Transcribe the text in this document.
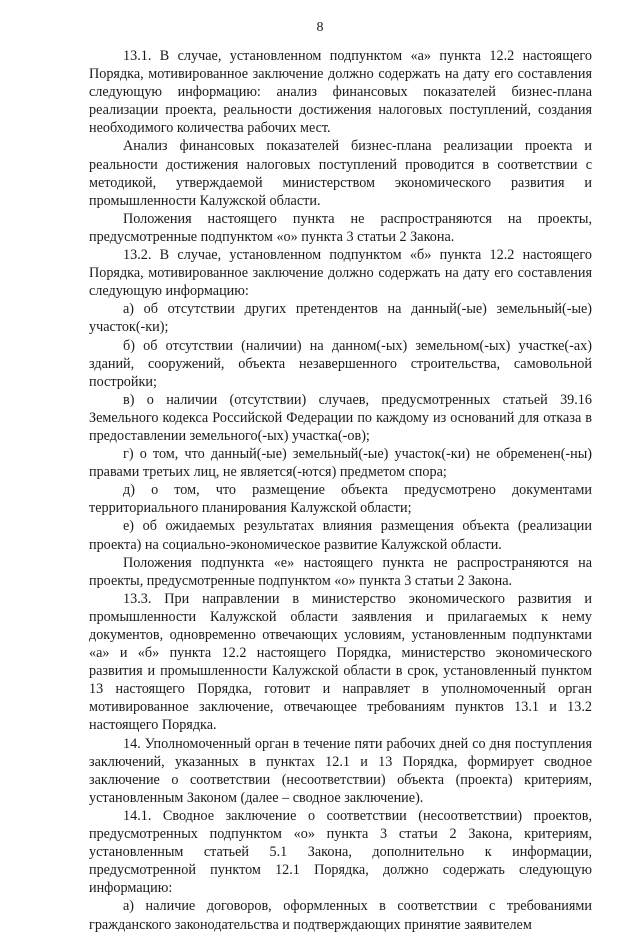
8

13.1. В случае, установленном подпунктом «а» пункта 12.2 настоящего Порядка, мотивированное заключение должно содержать на дату его составления следующую информацию: анализ финансовых показателей бизнес-плана реализации проекта, реальности достижения налоговых поступлений, создания необходимого количества рабочих мест.

Анализ финансовых показателей бизнес-плана реализации проекта и реальности достижения налоговых поступлений проводится в соответствии с методикой, утверждаемой министерством экономического развития и промышленности Калужской области.

Положения настоящего пункта не распространяются на проекты, предусмотренные подпунктом «о» пункта 3 статьи 2 Закона.

13.2. В случае, установленном подпунктом «б» пункта 12.2 настоящего Порядка, мотивированное заключение должно содержать на дату его составления следующую информацию:

а) об отсутствии других претендентов на данный(-ые) земельный(-ые) участок(-ки);

б) об отсутствии (наличии) на данном(-ых) земельном(-ых) участке(-ах) зданий, сооружений, объекта незавершенного строительства, самовольной постройки;

в) о наличии (отсутствии) случаев, предусмотренных статьей 39.16 Земельного кодекса Российской Федерации по каждому из оснований для отказа в предоставлении земельного(-ых) участка(-ов);

г) о том, что данный(-ые) земельный(-ые) участок(-ки) не обременен(-ны) правами третьих лиц, не является(-ются) предметом спора;

д) о том, что размещение объекта предусмотрено документами территориального планирования Калужской области;

е) об ожидаемых результатах влияния размещения объекта (реализации проекта) на социально-экономическое развитие Калужской области.

Положения подпункта «е» настоящего пункта не распространяются на проекты, предусмотренные подпунктом «о» пункта 3 статьи 2 Закона.

13.3. При направлении в министерство экономического развития и промышленности Калужской области заявления и прилагаемых к нему документов, одновременно отвечающих условиям, установленным подпунктами «а» и «б» пункта 12.2 настоящего Порядка, министерство экономического развития и промышленности Калужской области в срок, установленный пунктом 13 настоящего Порядка, готовит и направляет в уполномоченный орган мотивированное заключение, отвечающее требованиям пунктов 13.1 и 13.2 настоящего Порядка.

14. Уполномоченный орган в течение пяти рабочих дней со дня поступления заключений, указанных в пунктах 12.1 и 13 Порядка, формирует сводное заключение о соответствии (несоответствии) объекта (проекта) критериям, установленным Законом (далее – сводное заключение).

14.1. Сводное заключение о соответствии (несоответствии) проектов, предусмотренных подпунктом «о» пункта 3 статьи 2 Закона, критериям, установленным статьей 5.1 Закона, дополнительно к информации, предусмотренной пунктом 12.1 Порядка, должно содержать следующую информацию:

а) наличие договоров, оформленных в соответствии с требованиями гражданского законодательства и подтверждающих принятие заявителем
